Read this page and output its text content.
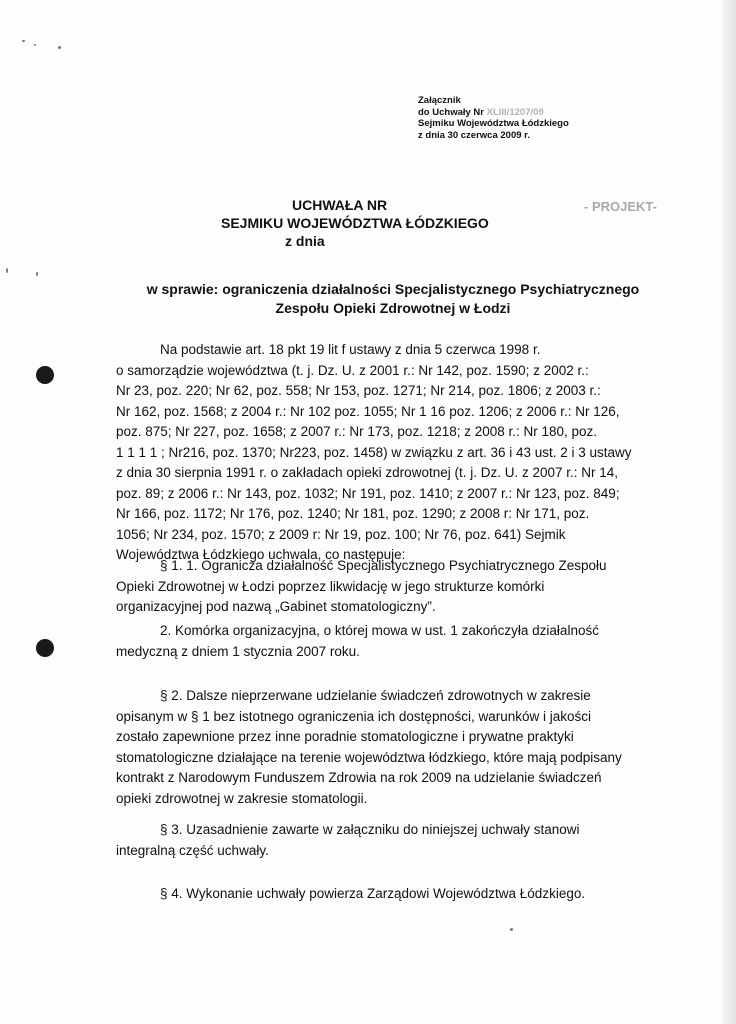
Załącznik
do Uchwały Nr XLIII/1207/09
Sejmiku Województwa Łódzkiego
z dnia 30 czerwca 2009 r.
UCHWAŁA NR	- PROJEKT-
SEJMIKU WOJEWÓDZTWA ŁÓDZKIEGO
z dnia
w sprawie: ograniczenia działalności Specjalistycznego Psychiatrycznego
Zespołu Opieki Zdrowotnej w Łodzi
Na podstawie art. 18 pkt 19 lit f ustawy z dnia 5 czerwca 1998 r.
o samorządzie województwa (t. j. Dz. U. z 2001 r.: Nr 142, poz. 1590; z 2002 r.:
Nr 23, poz. 220; Nr 62, poz. 558; Nr 153, poz. 1271; Nr 214, poz. 1806; z 2003 r.:
Nr 162, poz. 1568; z 2004 r.: Nr 102 poz. 1055; Nr 1 16 poz. 1206; z 2006 r.: Nr 126,
poz. 875; Nr 227, poz. 1658; z 2007 r.: Nr 173, poz. 1218; z 2008 r.: Nr 180, poz.
1 1 1 1 ; Nr216, poz. 1370; Nr223, poz. 1458) w związku z art. 36 i 43 ust. 2 i 3 ustawy
z dnia 30 sierpnia 1991 r. o zakładach opieki zdrowotnej (t. j. Dz. U. z 2007 r.: Nr 14,
poz. 89; z 2006 r.: Nr 143, poz. 1032; Nr 191, poz. 1410; z 2007 r.: Nr 123, poz. 849;
Nr 166, poz. 1172; Nr 176, poz. 1240; Nr 181, poz. 1290; z 2008 r: Nr 171, poz.
1056; Nr 234, poz. 1570; z 2009 r: Nr 19, poz. 100; Nr 76, poz. 641) Sejmik
Województwa Łódzkiego uchwala, co następuje:
§ 1. 1. Ogranicza działalność Specjalistycznego Psychiatrycznego Zespołu
Opieki Zdrowotnej w Łodzi poprzez likwidację w jego strukturze komórki
organizacyjnej pod nazwą „Gabinet stomatologiczny”.
2. Komórka organizacyjna, o której mowa w ust. 1 zakończyła działalność
medyczną z dniem 1 stycznia 2007 roku.
§ 2. Dalsze nieprzerwane udzielanie świadczeń zdrowotnych w zakresie
opisanym w § 1 bez istotnego ograniczenia ich dostępności, warunków i jakości
zostało zapewnione przez inne poradnie stomatologiczne i prywatne praktyki
stomatologiczne działające na terenie województwa łódzkiego, które mają podpisany
kontrakt z Narodowym Funduszem Zdrowia na rok 2009 na udzielanie świadczeń
opieki zdrowotnej w zakresie stomatologii.
§ 3. Uzasadnienie zawarte w załączniku do niniejszej uchwały stanowi
integralną część uchwały.
§ 4. Wykonanie uchwały powierza Zarządowi Województwa Łódzkiego.
